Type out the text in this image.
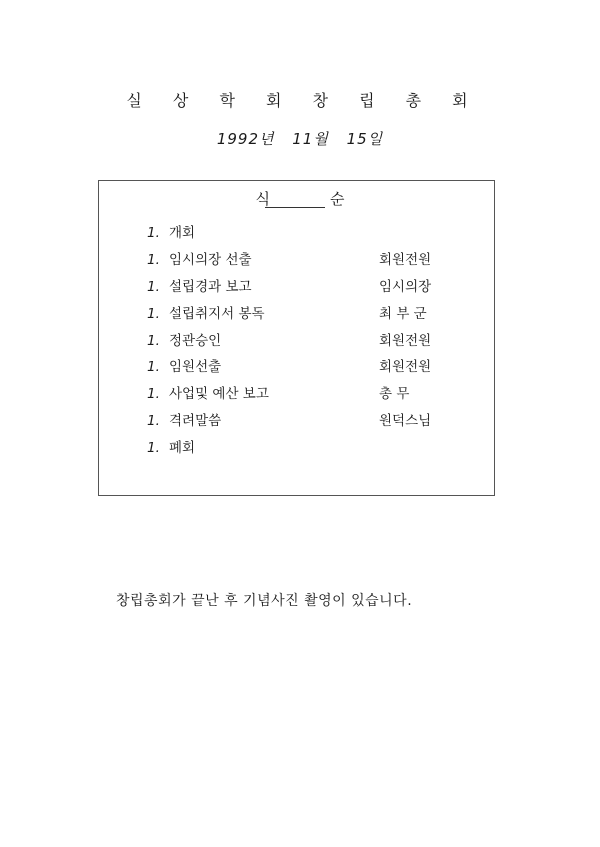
실 상 학 회 창 립 총 회
1992년 11월 15일
식순
1. 개회
1. 임시의장 선출	회원전원
1. 설립경과 보고	임시의장
1. 설립취지서 봉독	최 부 군
1. 정관승인	회원전원
1. 임원선출	회원전원
1. 사업및 예산 보고	총 무
1. 격려말씀	원덕스님
1. 폐회
창립총회가 끝난 후 기념사진 촬영이 있습니다.
